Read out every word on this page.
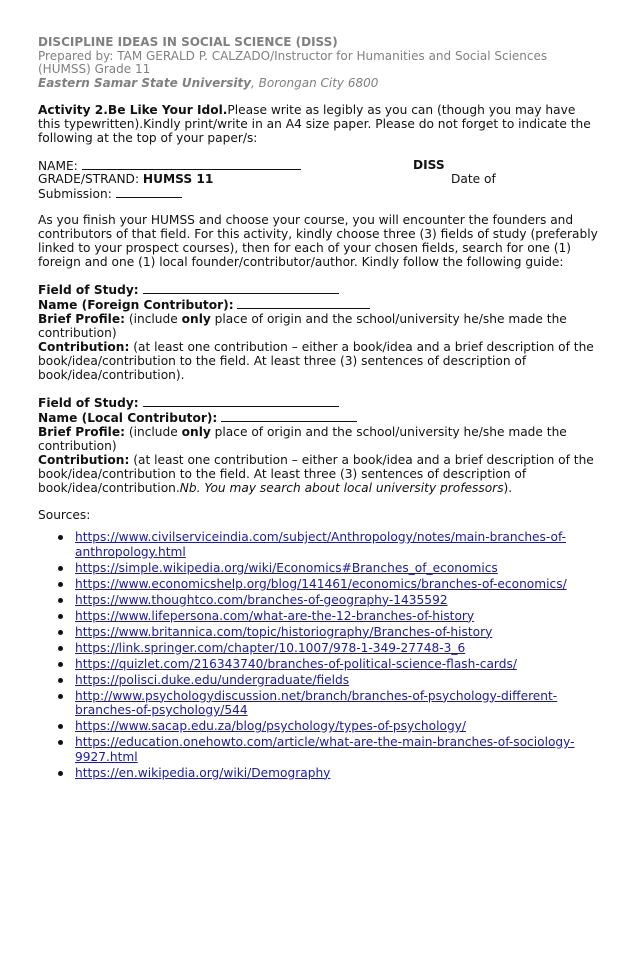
DISCIPLINE IDEAS IN SOCIAL SCIENCE (DISS)
Prepared by: TAM GERALD P. CALZADO/Instructor for Humanities and Social Sciences (HUMSS) Grade 11
Eastern Samar State University, Borongan City 6800
Activity 2.Be Like Your Idol.Please write as legibly as you can (though you may have this typewritten).Kindly print/write in an A4 size paper. Please do not forget to indicate the following at the top of your paper/s:
NAME:	DISS
GRADE/STRAND: HUMSS 11	Date of
Submission:
As you finish your HUMSS and choose your course, you will encounter the founders and contributors of that field. For this activity, kindly choose three (3) fields of study (preferably linked to your prospect courses), then for each of your chosen fields, search for one (1) foreign and one (1) local founder/contributor/author. Kindly follow the following guide:
Field of Study:
Name (Foreign Contributor):
Brief Profile: (include only place of origin and the school/university he/she made the contribution)
Contribution: (at least one contribution – either a book/idea and a brief description of the book/idea/contribution to the field. At least three (3) sentences of description of book/idea/contribution).
Field of Study:
Name (Local Contributor):
Brief Profile: (include only place of origin and the school/university he/she made the contribution)
Contribution: (at least one contribution – either a book/idea and a brief description of the book/idea/contribution to the field. At least three (3) sentences of description of book/idea/contribution.Nb. You may search about local university professors).
Sources:
https://www.civilserviceindia.com/subject/Anthropology/notes/main-branches-of-anthropology.html
https://simple.wikipedia.org/wiki/Economics#Branches_of_economics
https://www.economicshelp.org/blog/141461/economics/branches-of-economics/
https://www.thoughtco.com/branches-of-geography-1435592
https://www.lifepersona.com/what-are-the-12-branches-of-history
https://www.britannica.com/topic/historiography/Branches-of-history
https://link.springer.com/chapter/10.1007/978-1-349-27748-3_6
https://quizlet.com/216343740/branches-of-political-science-flash-cards/
https://polisci.duke.edu/undergraduate/fields
http://www.psychologydiscussion.net/branch/branches-of-psychology-different-branches-of-psychology/544
https://www.sacap.edu.za/blog/psychology/types-of-psychology/
https://education.onehowto.com/article/what-are-the-main-branches-of-sociology-9927.html
https://en.wikipedia.org/wiki/Demography
